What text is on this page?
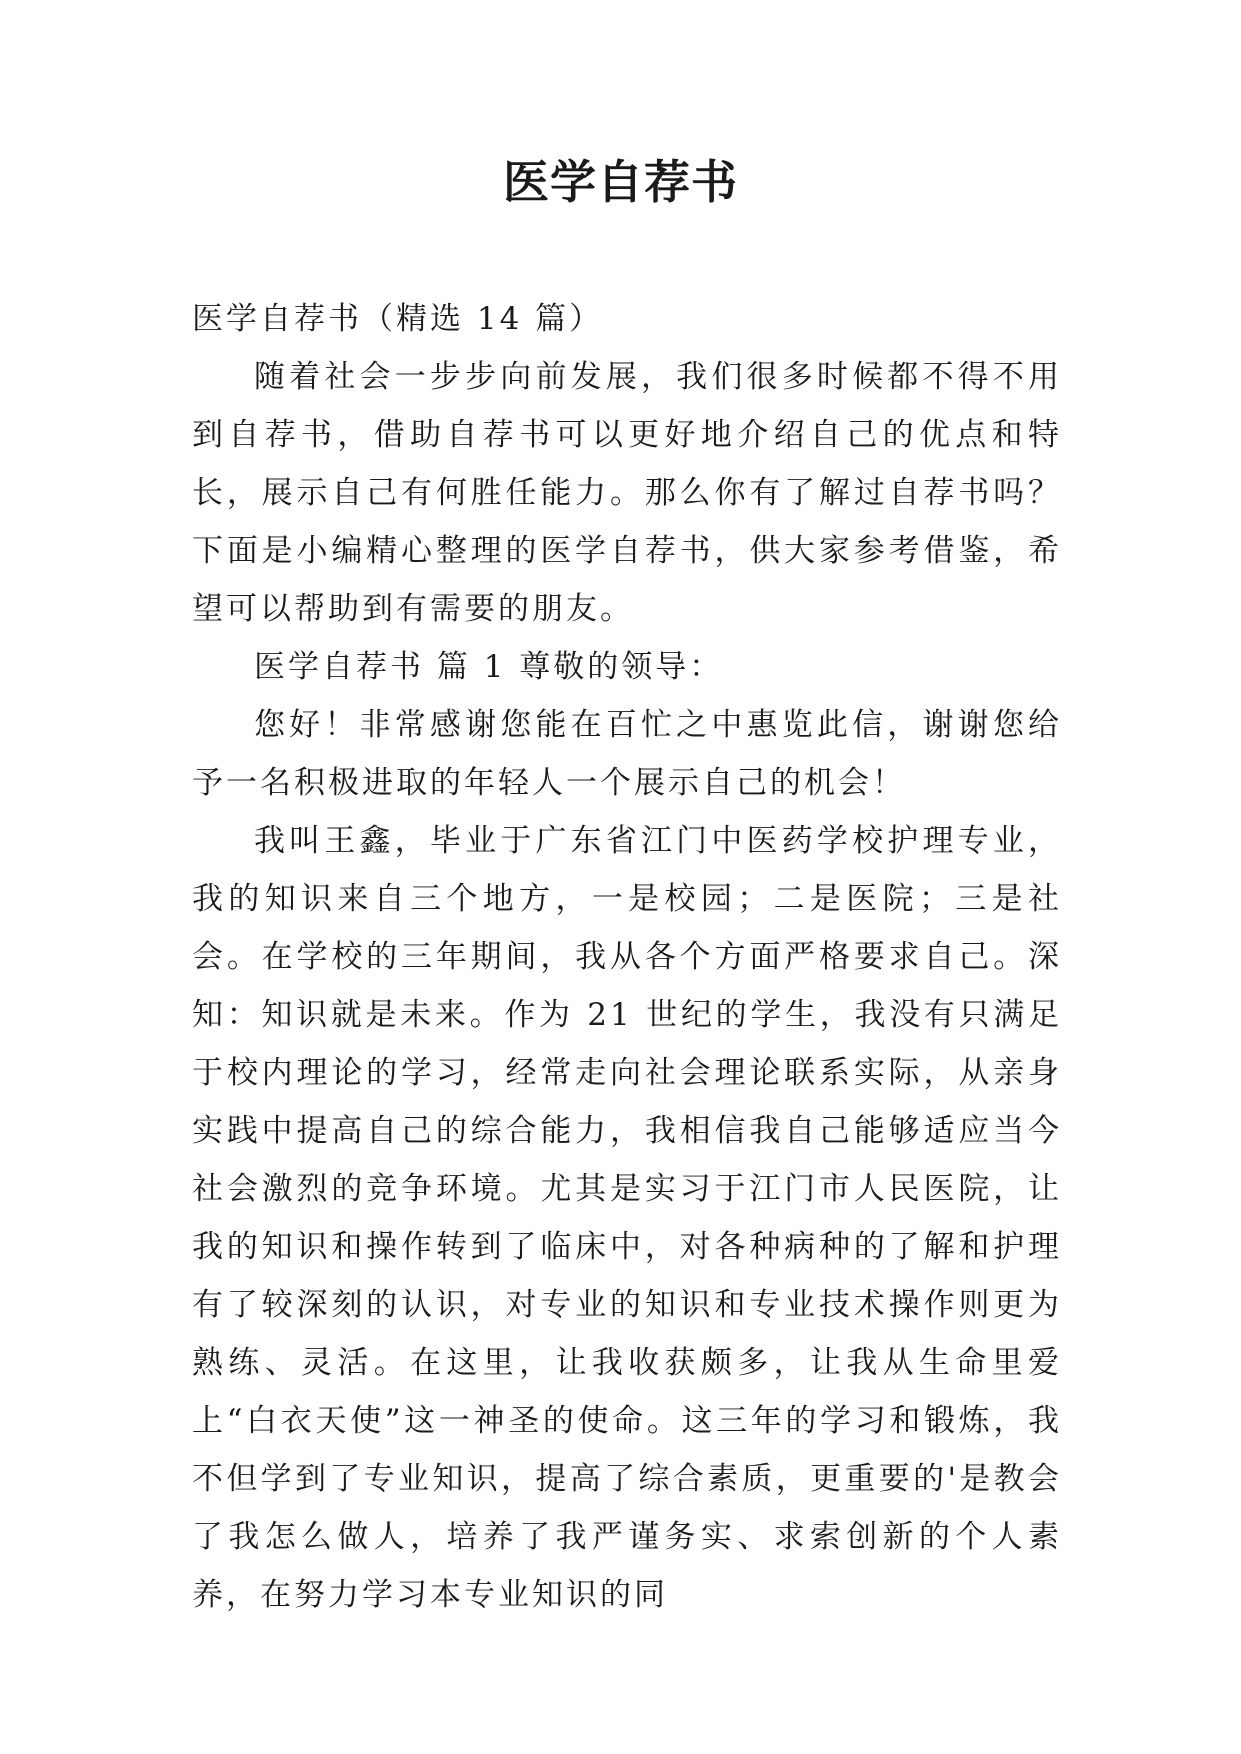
医学自荐书

医学自荐书（精选 14 篇）

随着社会一步步向前发展，我们很多时候都不得不用到自荐书，借助自荐书可以更好地介绍自己的优点和特长，展示自己有何胜任能力。那么你有了解过自荐书吗？下面是小编精心整理的医学自荐书，供大家参考借鉴，希望可以帮助到有需要的朋友。

医学自荐书 篇 1 尊敬的领导：

您好！非常感谢您能在百忙之中惠览此信，谢谢您给予一名积极进取的年轻人一个展示自己的机会！

我叫王鑫，毕业于广东省江门中医药学校护理专业，我的知识来自三个地方，一是校园；二是医院；三是社会。在学校的三年期间，我从各个方面严格要求自己。深知：知识就是未来。作为 21 世纪的学生，我没有只满足于校内理论的学习，经常走向社会理论联系实际，从亲身实践中提高自己的综合能力，我相信我自己能够适应当今社会激烈的竞争环境。尤其是实习于江门市人民医院，让我的知识和操作转到了临床中，对各种病种的了解和护理有了较深刻的认识，对专业的知识和专业技术操作则更为熟练、灵活。在这里，让我收获颇多，让我从生命里爱上“白衣天使”这一神圣的使命。这三年的学习和锻炼，我不但学到了专业知识，提高了综合素质，更重要的'是教会了我怎么做人，培养了我严谨务实、求索创新的个人素养，在努力学习本专业知识的同
